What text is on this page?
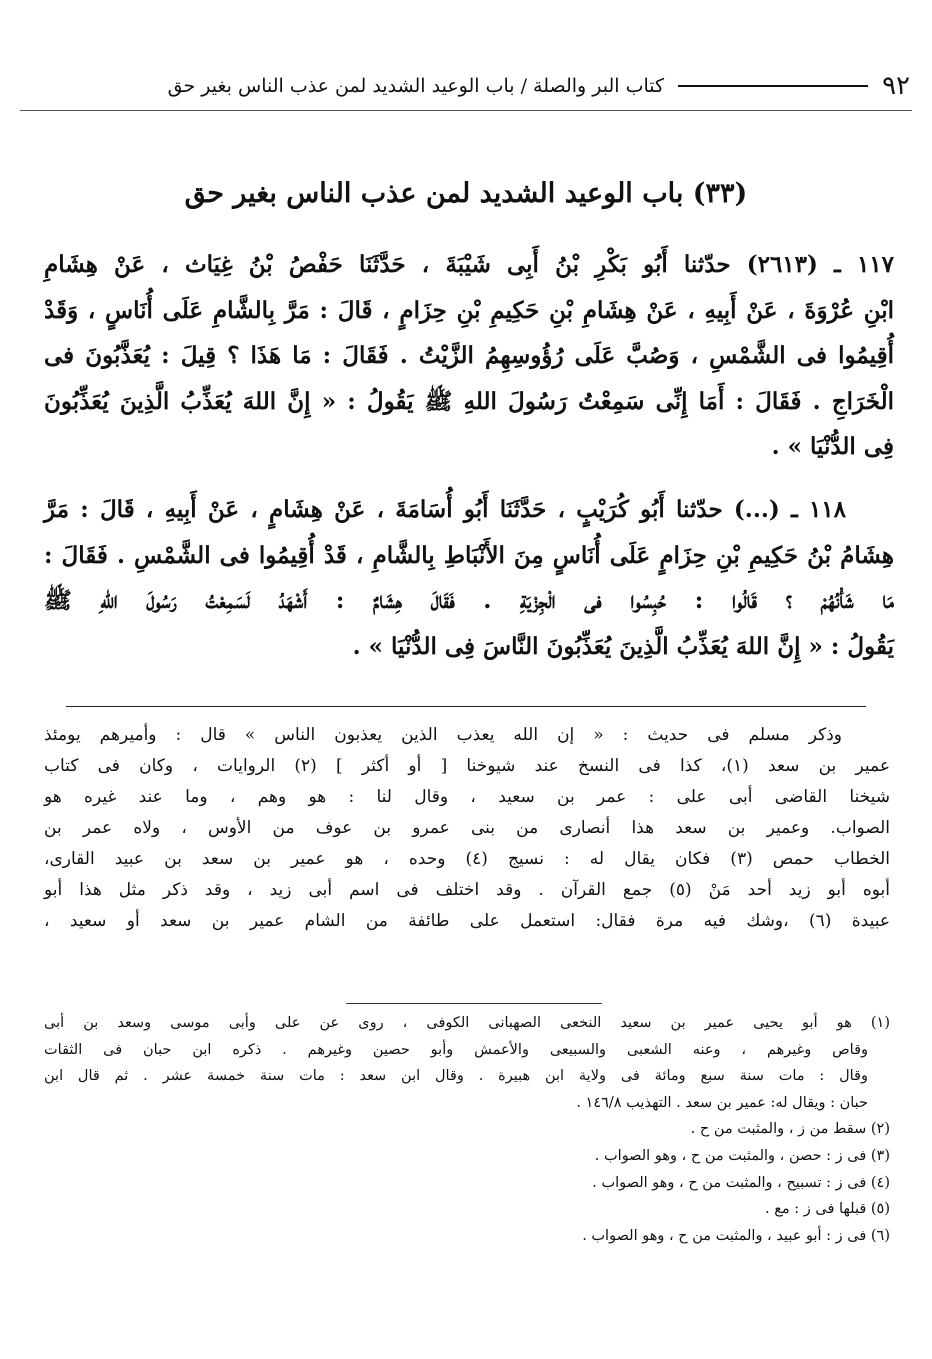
٩٢
كتاب البر والصلة / باب الوعيد الشديد لمن عذب الناس بغير حق
(٣٣) باب الوعيد الشديد لمن عذب الناس بغير حق
١١٧ ـ (٢٦١٣) حدّثنا أَبُو بَكْرِ بْنُ أَبِى شَيْبَةَ ، حَدَّثَنَا حَفْصُ بْنُ غِيَاث ، عَنْ هِشَامِ
ابْنِ عُرْوَةَ ، عَنْ أَبِيهِ ، عَنْ هِشَامِ بْنِ حَكِيمِ بْنِ حِزَامٍ ، قَالَ : مَرَّ بِالشَّامِ عَلَى أُنَاسٍ ، وَقَدْ
أُقِيمُوا فى الشَّمْسِ ، وَصُبَّ عَلَى رُؤُوسِهِمُ الزَّيْتُ . فَقَالَ : مَا هَذَا ؟ قِيلَ : يُعَذَّبُونَ فى
الْخَرَاجِ . فَقَالَ : أَمَا إِنِّى سَمِعْتُ رَسُولَ اللهِ ﷺ يَقُولُ : « إِنَّ اللهَ يُعَذِّبُ الَّذِينَ يُعَذِّبُونَ
فِى الدُّنْيَا » .
١١٨ ـ (...) حدّثنا أَبُو كُرَيْبٍ ، حَدَّثَنَا أَبُو أُسَامَةَ ، عَنْ هِشَامٍ ، عَنْ أَبِيهِ ، قَالَ : مَرَّ
هِشَامُ بْنُ حَكِيمِ بْنِ حِزَامٍ عَلَى أُنَاسٍ مِنَ الأَنْبَاطِ بِالشَّامِ ، قَدْ أُقِيمُوا فى الشَّمْسِ . فَقَالَ :
مَا شَأْنُهُمْ ؟ قَالُوا : حُبِسُوا فى الْجِزْيَةِ . فَقَالَ هِشَامٌ : أَشْهَدُ لَسَمِعْتُ رَسُولَ اللهِ ﷺ
يَقُولُ : « إِنَّ اللهَ يُعَذِّبُ الَّذِينَ يُعَذِّبُونَ النَّاسَ فِى الدُّنْيَا » .
وذكر مسلم فى حديث : « إن الله يعذب الذين يعذبون الناس » قال : وأميرهم يومئذ
عمير بن سعد (١)، كذا فى النسخ عند شيوخنا [ أو أكثر ] (٢) الروايات ، وكان فى كتاب
شيخنا القاضى أبى على : عمر بن سعيد ، وقال لنا : هو وهم ، وما عند غيره هو
الصواب. وعمير بن سعد هذا أنصارى من بنى عمرو بن عوف من الأوس ، ولاه عمر بن
الخطاب حمص (٣) فكان يقال له : نسيج (٤) وحده ، هو عمير بن سعد بن عبيد القارى،
أبوه أبو زيد أحد مَنْ (٥) جمع القرآن . وقد اختلف فى اسم أبى زيد ، وقد ذكر مثل هذا أبو
عبيدة (٦) ،وشك فيه مرة فقال: استعمل على طائفة من الشام عمير بن سعد أو سعيد ،
(١) هو أبو يحيى عمير بن سعيد النخعى الصهبانى الكوفى ، روى عن على وأبى موسى وسعد بن أبى
وقاص وغيرهم ، وعنه الشعبى والسبيعى والأعمش وأبو حصين وغيرهم . ذكره ابن حبان فى الثقات
وقال : مات سنة سبع ومائة فى ولاية ابن هبيرة . وقال ابن سعد : مات سنة خمسة عشر . ثم قال ابن
حبان : ويقال له: عمير بن سعد . التهذيب ١٤٦/٨ .
(٢) سقط من ز ، والمثبت من ح .
(٣) فى ز : حصن ، والمثبت من ح ، وهو الصواب .
(٤) فى ز : تسبيح ، والمثبت من ح ، وهو الصواب .
(٥) قبلها فى ز : مع .
(٦) فى ز : أبو عبيد ، والمثبت من ح ، وهو الصواب .
